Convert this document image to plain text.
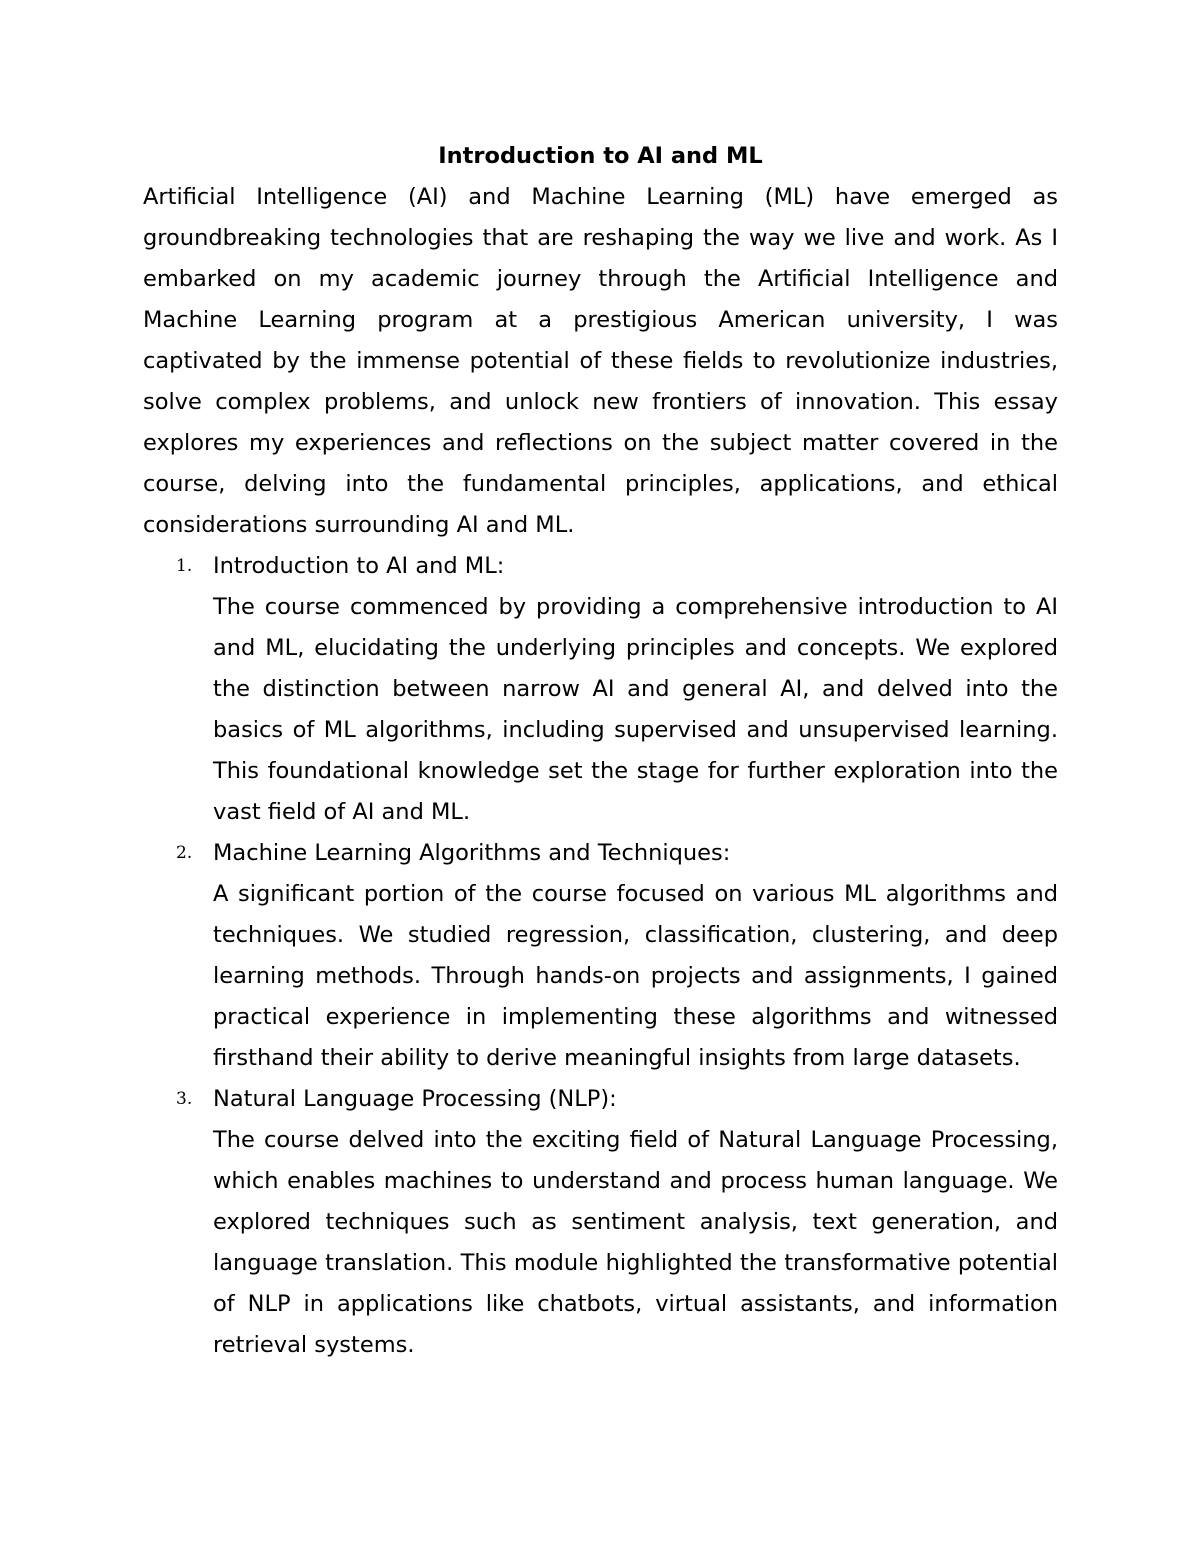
Introduction to AI and ML

Artificial Intelligence (AI) and Machine Learning (ML) have emerged as groundbreaking technologies that are reshaping the way we live and work. As I embarked on my academic journey through the Artificial Intelligence and Machine Learning program at a prestigious American university, I was captivated by the immense potential of these fields to revolutionize industries, solve complex problems, and unlock new frontiers of innovation. This essay explores my experiences and reflections on the subject matter covered in the course, delving into the fundamental principles, applications, and ethical considerations surrounding AI and ML.

1. Introduction to AI and ML:

The course commenced by providing a comprehensive introduction to AI and ML, elucidating the underlying principles and concepts. We explored the distinction between narrow AI and general AI, and delved into the basics of ML algorithms, including supervised and unsupervised learning. This foundational knowledge set the stage for further exploration into the vast field of AI and ML.

2. Machine Learning Algorithms and Techniques:

A significant portion of the course focused on various ML algorithms and techniques. We studied regression, classification, clustering, and deep learning methods. Through hands-on projects and assignments, I gained practical experience in implementing these algorithms and witnessed firsthand their ability to derive meaningful insights from large datasets.

3. Natural Language Processing (NLP):

The course delved into the exciting field of Natural Language Processing, which enables machines to understand and process human language. We explored techniques such as sentiment analysis, text generation, and language translation. This module highlighted the transformative potential of NLP in applications like chatbots, virtual assistants, and information retrieval systems.
